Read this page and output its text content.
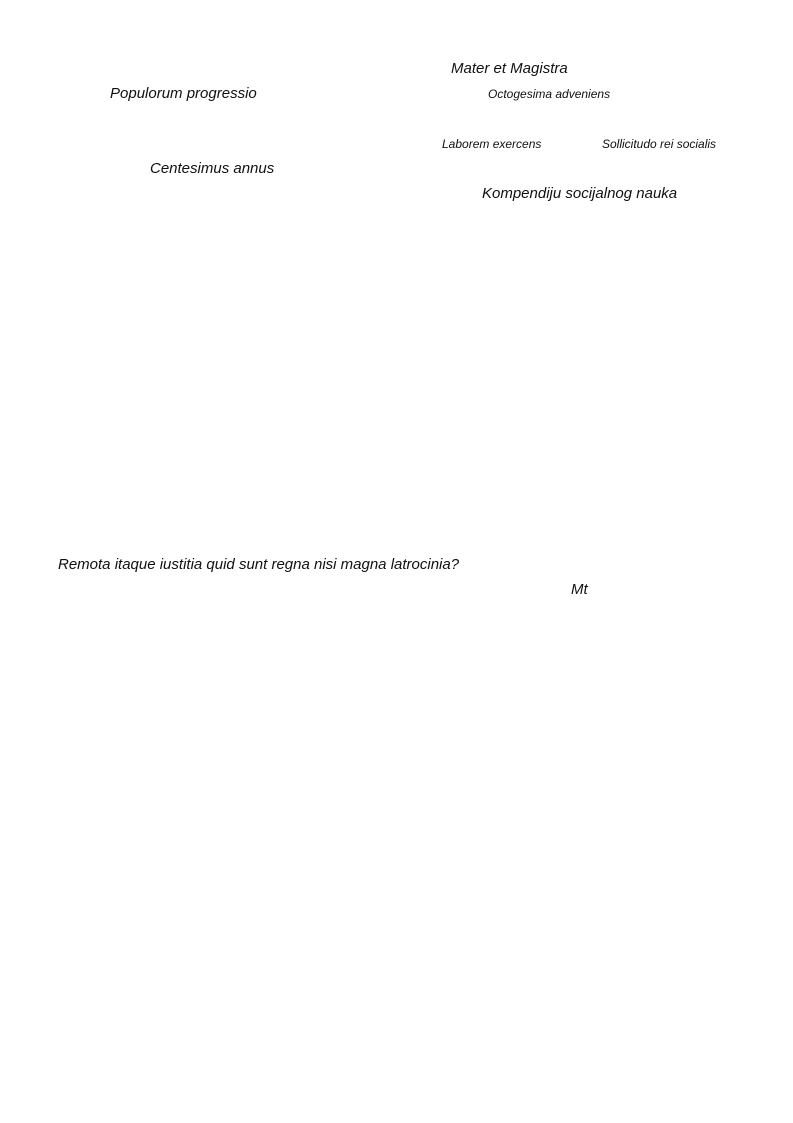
Mater et Magistra
Populorum progressio	Octogesima adveniens
Laborem exercens	Sollicitudo rei socialis
Centesimus annus
Kompendiju socijalnog nauka
Remota itaque iustitia quid sunt regna nisi magna latrocinia?
Mt
